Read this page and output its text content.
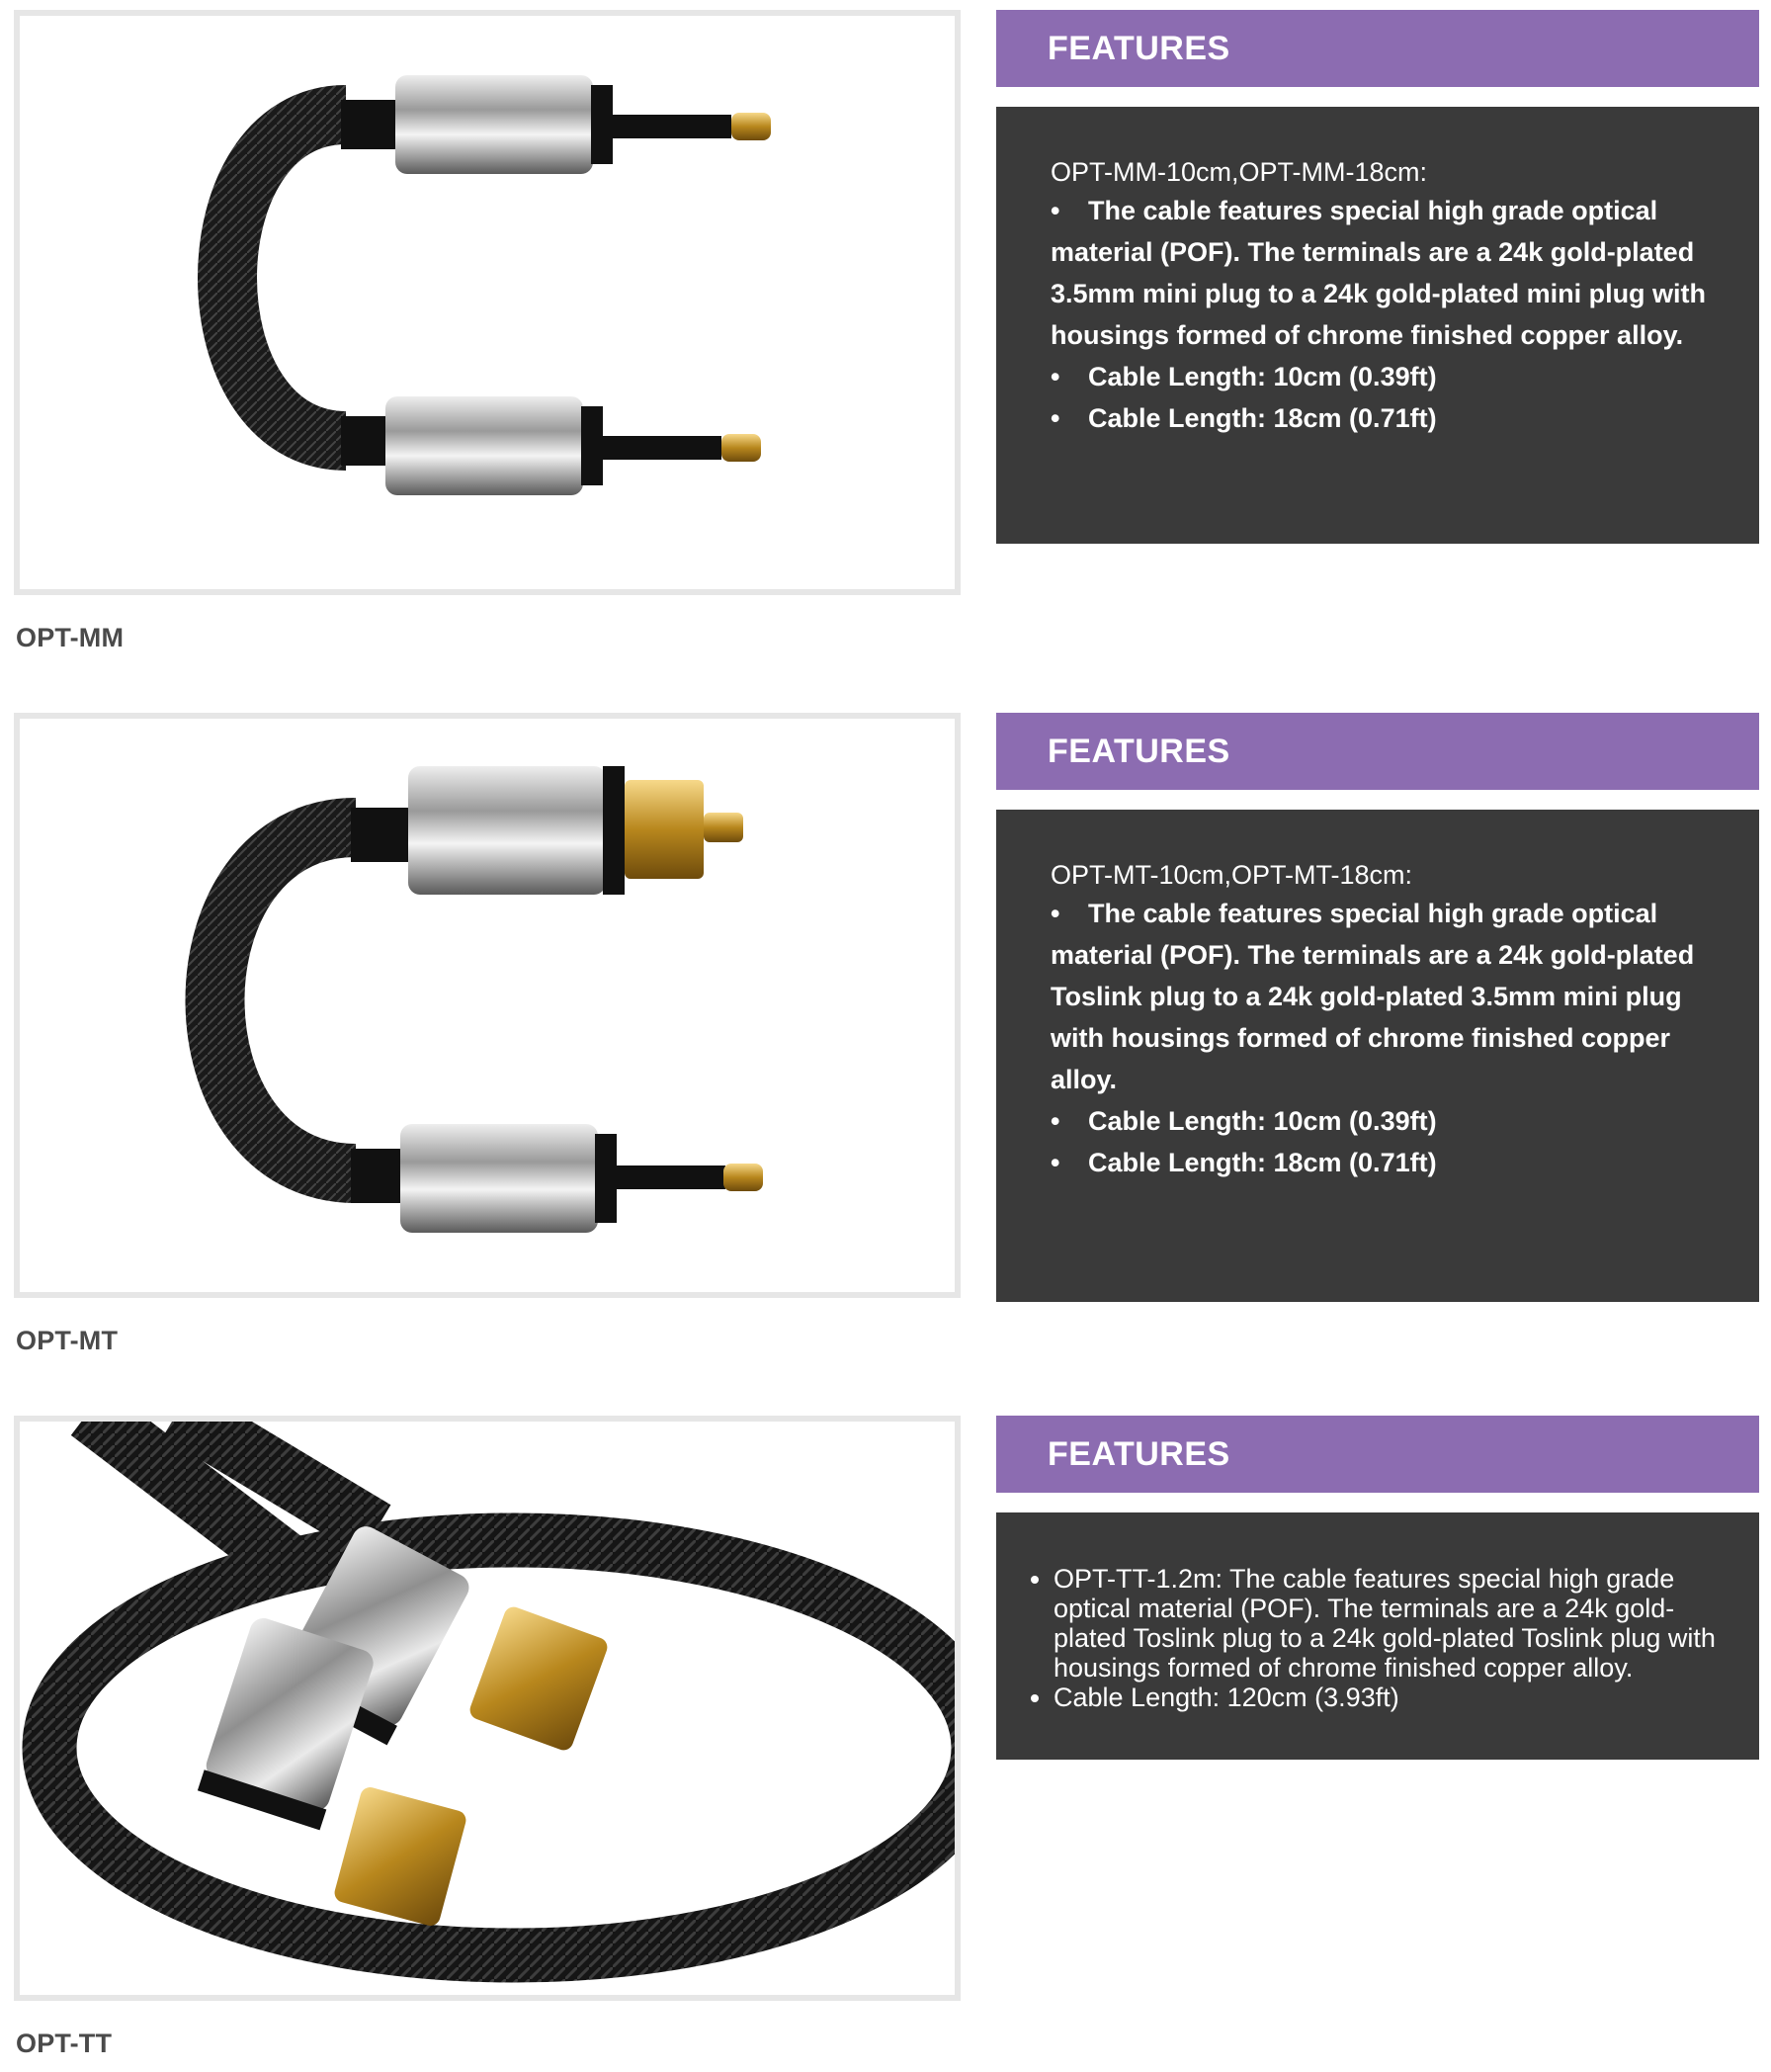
OPT-MM
FEATURES
OPT-MM-10cm,OPT-MM-18cm:
• The cable features special high grade optical material (POF). The terminals are a 24k gold-plated 3.5mm mini plug to a 24k gold-plated mini plug with housings formed of chrome finished copper alloy.
• Cable Length: 10cm (0.39ft)
• Cable Length: 18cm (0.71ft)
OPT-MT
FEATURES
OPT-MT-10cm,OPT-MT-18cm:
• The cable features special high grade optical material (POF). The terminals are a 24k gold-plated Toslink plug to a 24k gold-plated 3.5mm mini plug with housings formed of chrome finished copper alloy.
• Cable Length: 10cm (0.39ft)
• Cable Length: 18cm (0.71ft)
OPT-TT
FEATURES
• OPT-TT-1.2m: The cable features special high grade optical material (POF). The terminals are a 24k gold-plated Toslink plug to a 24k gold-plated Toslink plug with housings formed of chrome finished copper alloy.
• Cable Length: 120cm (3.93ft)
